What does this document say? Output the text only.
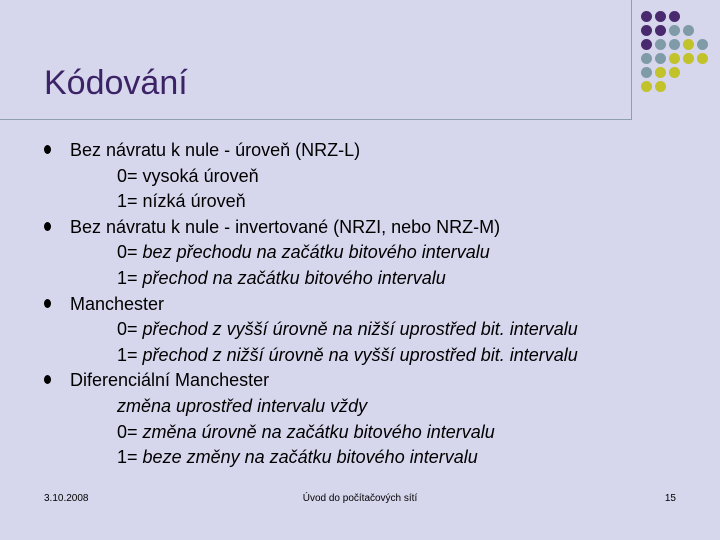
Kódování
Bez návratu k nule - úroveň (NRZ-L)
0= vysoká úroveň
1= nízká úroveň
Bez návratu k nule - invertované (NRZI, nebo NRZ-M)
0= bez přechodu na začátku bitového intervalu
1= přechod na začátku bitového intervalu
Manchester
0= přechod z vyšší úrovně na nižší uprostřed bit. intervalu
1= přechod z nižší úrovně na vyšší uprostřed bit. intervalu
Diferenciální Manchester
změna uprostřed intervalu vždy
0= změna úrovně na začátku bitového intervalu
1= beze změny na začátku bitového intervalu
3.10.2008	Úvod do počítačových sítí	15
